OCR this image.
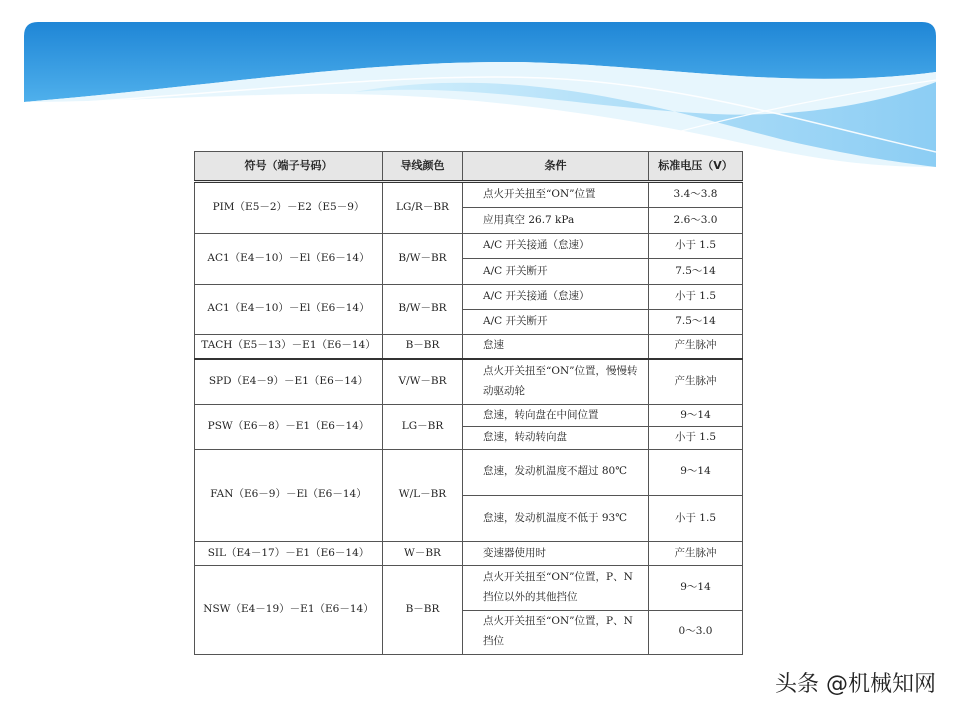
符号（端子号码）	导线颜色	条件	标准电压（V）
PIM（E5－2）－E2（E5－9）	LG/R－BR	点火开关扭至“ON”位置	3.4～3.8
		应用真空 26.7 kPa	2.6～3.0
AC1（E4－10）－El（E6－14）	B/W－BR	A/C 开关接通（怠速）	小于 1.5
		A/C 开关断开	7.5～14
AC1（E4－10）－El（E6－14）	B/W－BR	A/C 开关接通（怠速）	小于 1.5
		A/C 开关断开	7.5～14
TACH（E5－13）－E1（E6－14）	B－BR	怠速	产生脉冲
SPD（E4－9）－E1（E6－14）	V/W－BR	点火开关扭至“ON”位置，慢慢转动驱动轮	产生脉冲
PSW（E6－8）－E1（E6－14）	LG－BR	怠速，转向盘在中间位置	9～14
		怠速，转动转向盘	小于 1.5
FAN（E6－9）－El（E6－14）	W/L－BR	怠速，发动机温度不超过 80℃	9～14
		怠速，发动机温度不低于 93℃	小于 1.5
SIL（E4－17）－E1（E6－14）	W－BR	变速器使用时	产生脉冲
NSW（E4－19）－E1（E6－14）	B－BR	点火开关扭至“ON”位置，P、N 挡位以外的其他挡位	9～14
		点火开关扭至“ON”位置，P、N 挡位	0～3.0
头条 @机械知网
